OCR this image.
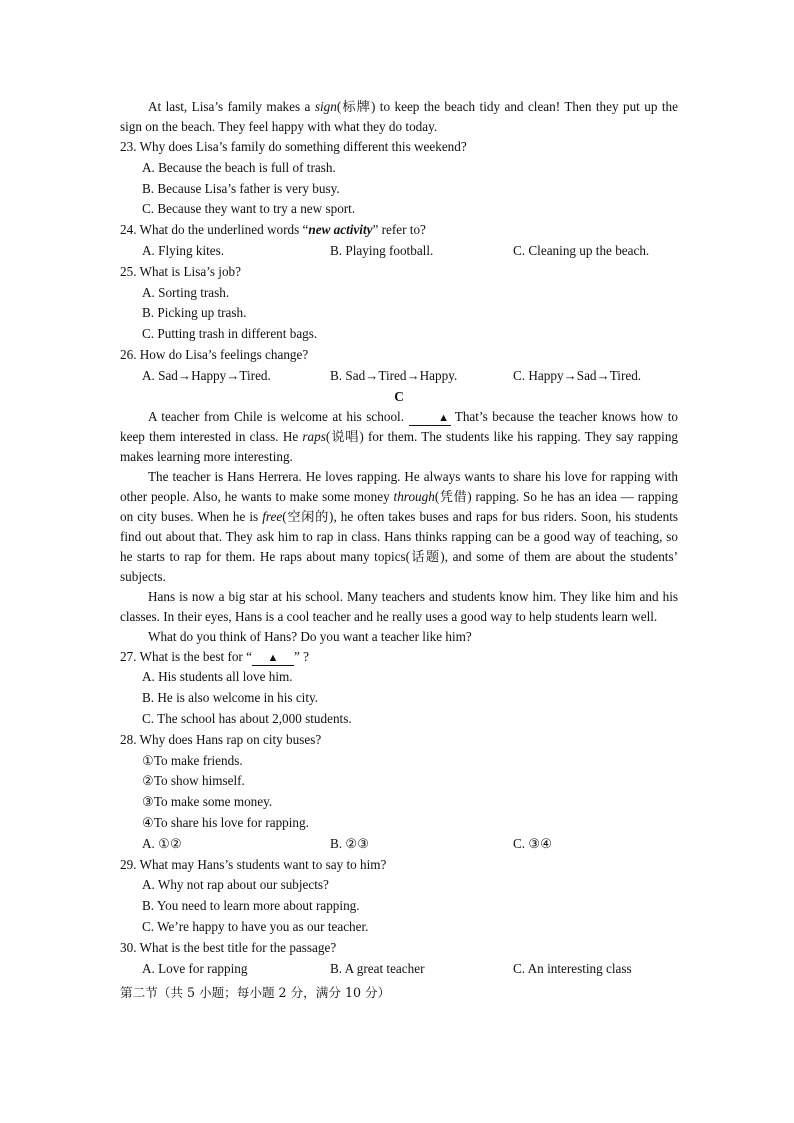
At last, Lisa’s family makes a sign(标牌) to keep the beach tidy and clean! Then they put up the sign on the beach. They feel happy with what they do today.

23. Why does Lisa’s family do something different this weekend?
A. Because the beach is full of trash.
B. Because Lisa’s father is very busy.
C. Because they want to try a new sport.
24. What do the underlined words “new activity” refer to?
A. Flying kites.	B. Playing football.	C. Cleaning up the beach.
25. What is Lisa’s job?
A. Sorting trash.
B. Picking up trash.
C. Putting trash in different bags.
26. How do Lisa’s feelings change?
A. Sad→Happy→Tired.	B. Sad→Tired→Happy.	C. Happy→Sad→Tired.
C

A teacher from Chile is welcome at his school.	▲ That’s because the teacher knows how to keep them interested in class. He raps(说唱) for them. The students like his rapping. They say rapping makes learning more interesting.

The teacher is Hans Herrera. He loves rapping. He always wants to share his love for rapping with other people. Also, he wants to make some money through(凭借) rapping. So he has an idea — rapping on city buses. When he is free(空闲的), he often takes buses and raps for bus riders. Soon, his students find out about that. They ask him to rap in class. Hans thinks rapping can be a good way of teaching, so he starts to rap for them. He raps about many topics(话题), and some of them are about the students’ subjects.

Hans is now a big star at his school. Many teachers and students know him. They like him and his classes. In their eyes, Hans is a cool teacher and he really uses a good way to help students learn well.

What do you think of Hans? Do you want a teacher like him?

27. What is the best for “ ▲ ” ?
A. His students all love him.
B. He is also welcome in his city.
C. The school has about 2,000 students.
28. Why does Hans rap on city buses?
①To make friends.
②To show himself.
③To make some money.
④To share his love for rapping.
A. ①②	B. ②③	C. ③④
29. What may Hans’s students want to say to him?
A. Why not rap about our subjects?
B. You need to learn more about rapping.
C. We’re happy to have you as our teacher.
30. What is the best title for the passage?
A. Love for rapping	B. A great teacher	C. An interesting class
第二节（共 5 小题；每小题 2 分，满分 10 分）
